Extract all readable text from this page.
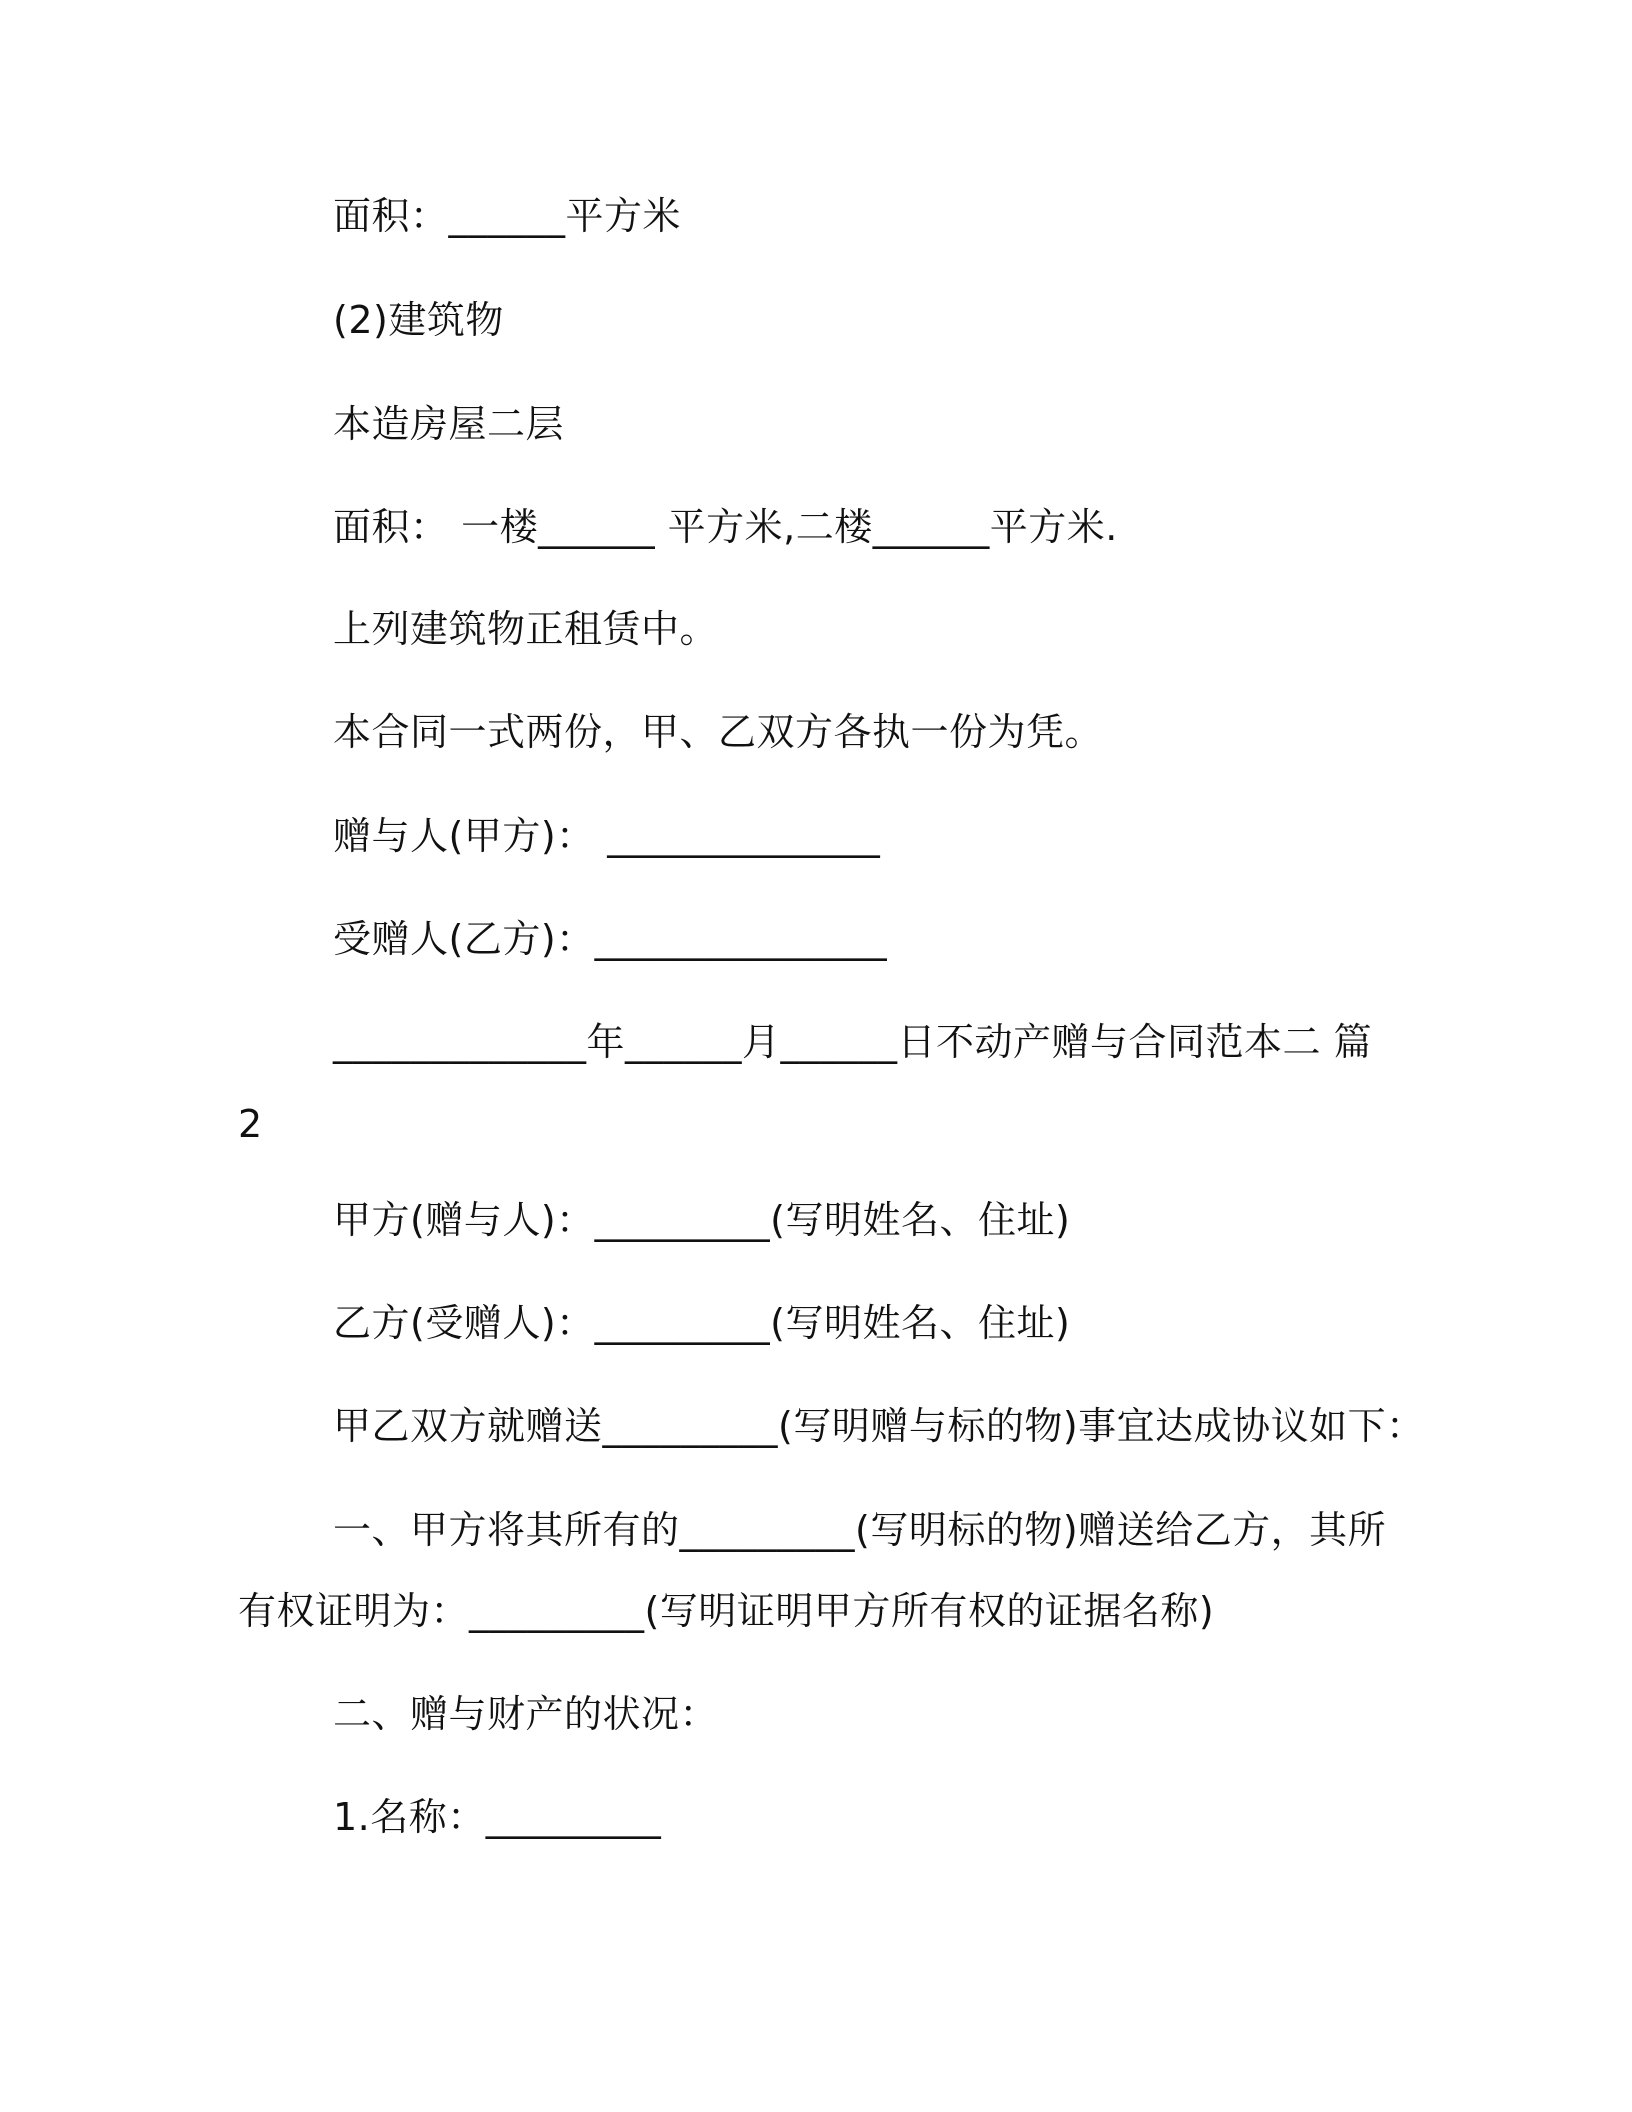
面积：______平方米
(2)建筑物
本造房屋二层
面积： 一楼______ 平方米,二楼______平方米.
上列建筑物正租赁中。
本合同一式两份，甲、乙双方各执一份为凭。
赠与人(甲方)： ______________
受赠人(乙方)：_______________
_____________年______月______日不动产赠与合同范本二 篇
2
甲方(赠与人)：_________(写明姓名、住址)
乙方(受赠人)：_________(写明姓名、住址)
甲乙双方就赠送_________(写明赠与标的物)事宜达成协议如下：
一、甲方将其所有的_________(写明标的物)赠送给乙方，其所
有权证明为：_________(写明证明甲方所有权的证据名称)
二、赠与财产的状况：
1.名称：_________
